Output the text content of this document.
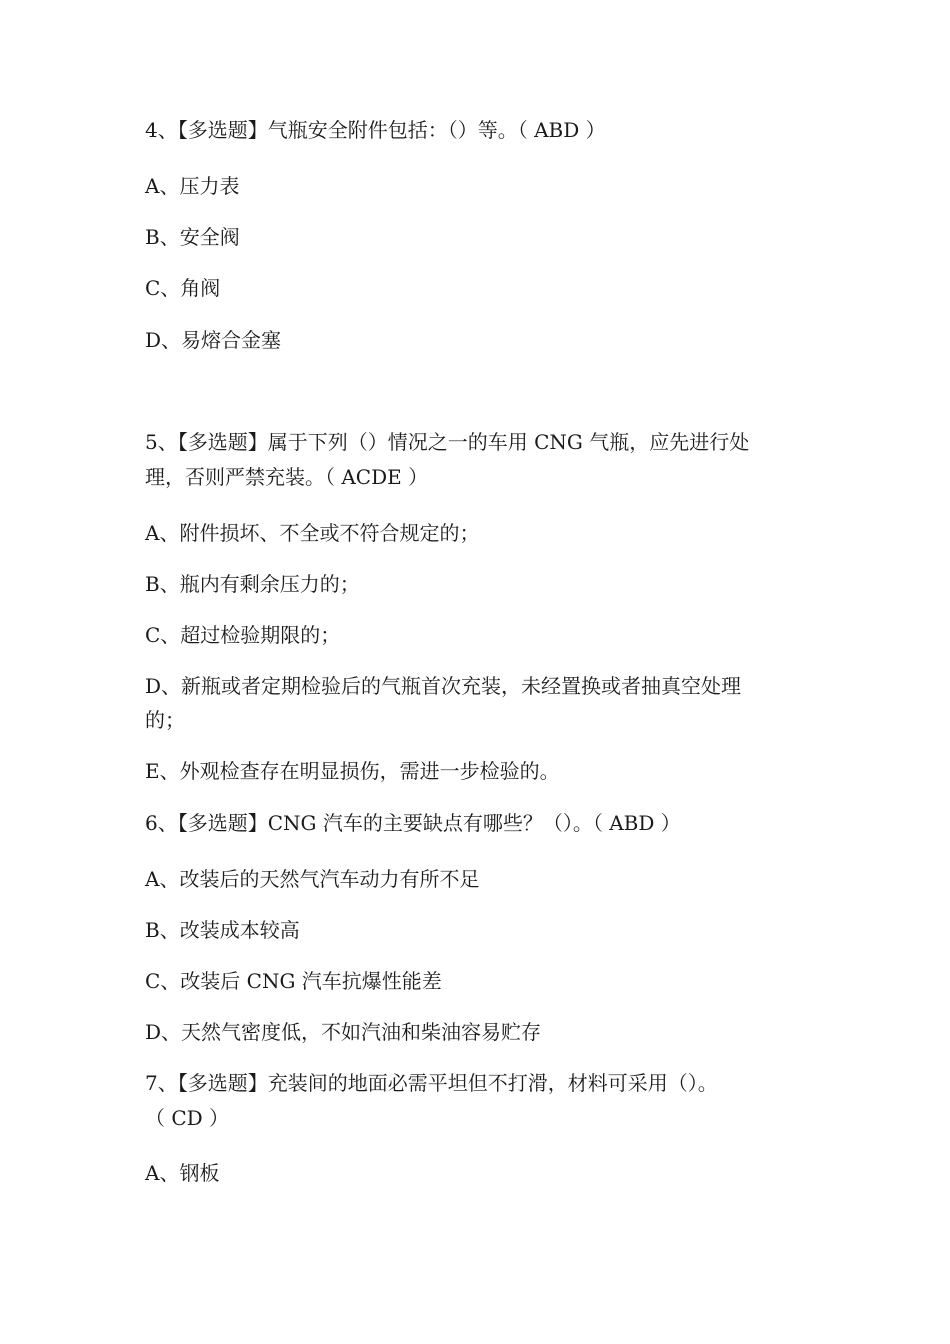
4、【多选题】气瓶安全附件包括：（）等。（ ABD ）
A、压力表
B、安全阀
C、角阀
D、易熔合金塞
5、【多选题】属于下列（）情况之一的车用 CNG 气瓶，应先进行处
理，否则严禁充装。（ ACDE ）
A、附件损坏、不全或不符合规定的；
B、瓶内有剩余压力的；
C、超过检验期限的；
D、新瓶或者定期检验后的气瓶首次充装，未经置换或者抽真空处理
的；
E、外观检查存在明显损伤，需进一步检验的。
6、【多选题】CNG 汽车的主要缺点有哪些？（）。（ ABD ）
A、改装后的天然气汽车动力有所不足
B、改装成本较高
C、改装后 CNG 汽车抗爆性能差
D、天然气密度低，不如汽油和柴油容易贮存
7、【多选题】充装间的地面必需平坦但不打滑，材料可采用（）。
（ CD ）
A、钢板
